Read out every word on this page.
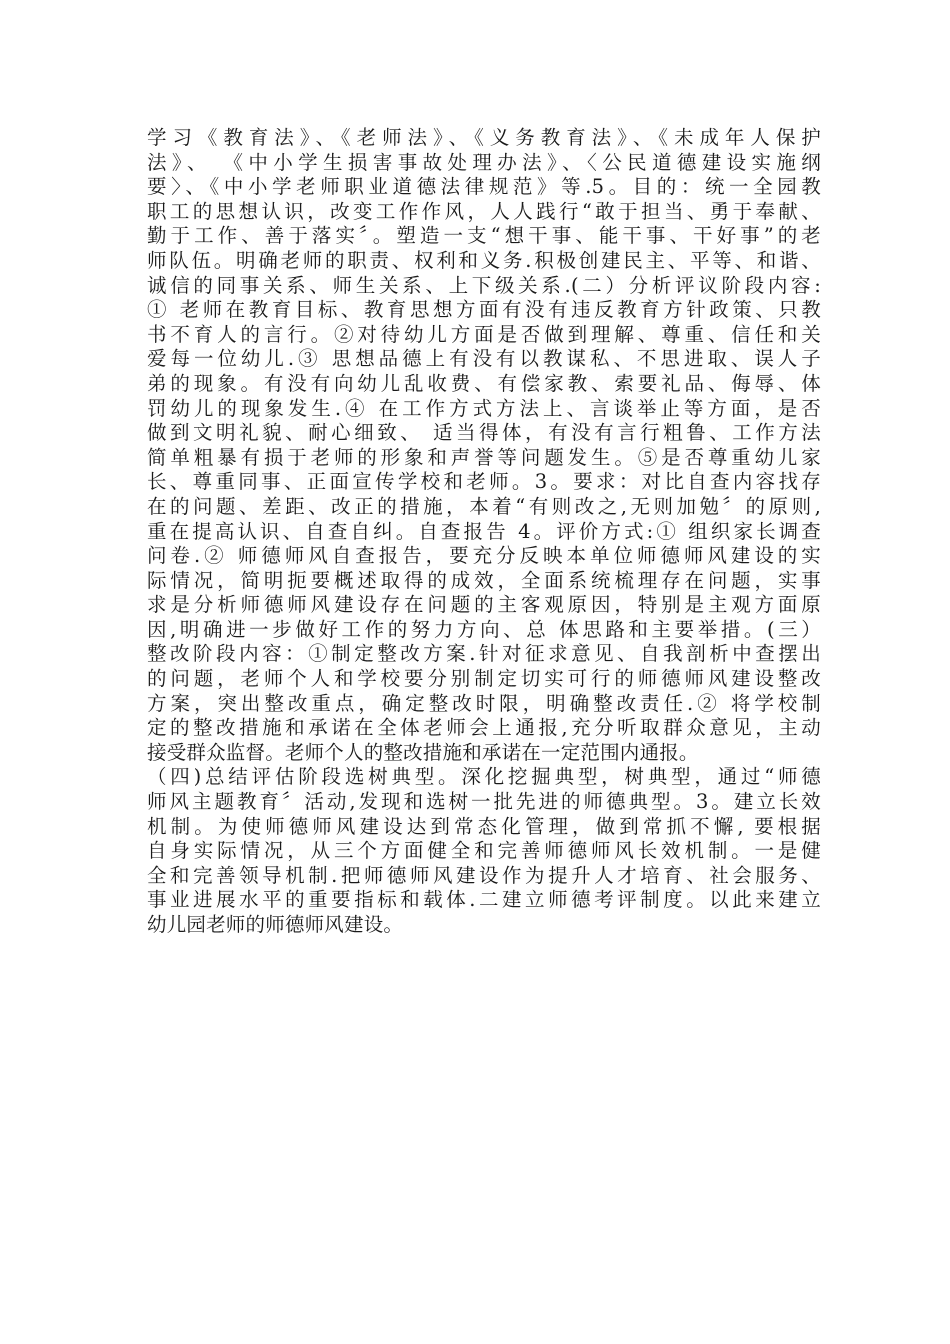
学习《教育法》、《老师法》、《义务教育法》、《未成年人保护
法》、 《中小学生损害事故处理办法》、〈公民道德建设实施纲
要〉、《中小学老师职业道德法律规范》等.5。目的：统一全园教
职工的思想认识，改变工作作风，人人践行“敢于担当、勇于奉献、
勤于工作、善于落实〞。塑造一支“想干事、能干事、干好事”的老
师队伍。明确老师的职责、权利和义务.积极创建民主、平等、和谐、
诚信的同事关系、师生关系、上下级关系.(二）分析评议阶段内容:
① 老师在教育目标、教育思想方面有没有违反教育方针政策、只教
书不育人的言行。②对待幼儿方面是否做到理解、尊重、信任和关
爱每一位幼儿.③ 思想品德上有没有以教谋私、不思进取、误人子
弟的现象。有没有向幼儿乱收费、有偿家教、索要礼品、侮辱、体
罚幼儿的现象发生.④ 在工作方式方法上、言谈举止等方面，是否
做到文明礼貌、耐心细致、 适当得体，有没有言行粗鲁、工作方法
简单粗暴有损于老师的形象和声誉等问题发生。⑤是否尊重幼儿家
长、尊重同事、正面宣传学校和老师。3。要求：对比自查内容找存
在的问题、差距、改正的措施，本着“有则改之,无则加勉〞的原则,
重在提高认识、自查自纠。自查报告 4。评价方式:① 组织家长调查
问卷.② 师德师风自查报告，要充分反映本单位师德师风建设的实
际情况，简明扼要概述取得的成效，全面系统梳理存在问题，实事
求是分析师德师风建设存在问题的主客观原因，特别是主观方面原
因,明确进一步做好工作的努力方向、总 体思路和主要举措。(三）
整改阶段内容：①制定整改方案.针对征求意见、自我剖析中查摆出
的问题，老师个人和学校要分别制定切实可行的师德师风建设整改
方案，突出整改重点，确定整改时限，明确整改责任.② 将学校制
定的整改措施和承诺在全体老师会上通报,充分听取群众意见，主动
接受群众监督。老师个人的整改措施和承诺在一定范围内通报。
（四)总结评估阶段选树典型。深化挖掘典型，树典型，通过“师德
师风主题教育〞活动,发现和选树一批先进的师德典型。3。建立长效
机制。为使师德师风建设达到常态化管理，做到常抓不懈, 要根据
自身实际情况，从三个方面健全和完善师德师风长效机制。一是健
全和完善领导机制.把师德师风建设作为提升人才培育、社会服务、
事业进展水平的重要指标和载体.二建立师德考评制度。以此来建立
幼儿园老师的师德师风建设。
